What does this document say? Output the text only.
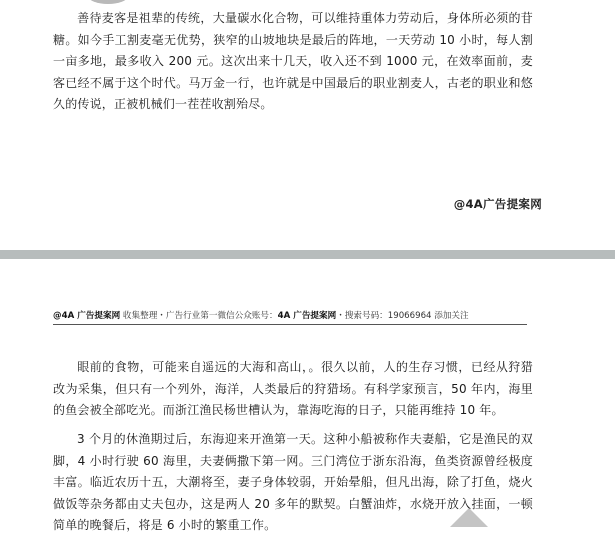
善待麦客是祖辈的传统，大量碳水化合物，可以维持重体力劳动后，身体所必须的苷糖。如今手工割麦毫无优势，狭窄的山坡地块是最后的阵地，一天劳动 10 小时，每人割一亩多地，最多收入 200 元。这次出来十几天，收入还不到 1000 元，在效率面前，麦客已经不属于这个时代。马万金一行，也许就是中国最后的职业割麦人，古老的职业和悠久的传说，正被机械们一茬茬收割殆尽。

@4A广告提案网
@4A 广告提案网 收集整理・广告行业第一微信公众账号：4A 广告提案网・搜索号码：19066964 添加关注

眼前的食物，可能来自遥远的大海和高山，。很久以前，人的生存习惯，已经从狩猎改为采集，但只有一个列外，海洋，人类最后的狩猎场。有科学家预言，50 年内，海里的鱼会被全部吃光。而浙江渔民杨世槽认为，靠海吃海的日子，只能再维持 10 年。

3 个月的休渔期过后，东海迎来开渔第一天。这种小船被称作夫妻船，它是渔民的双脚，4 小时行驶 60 海里，夫妻俩撒下第一网。三门湾位于浙东沿海，鱼类资源曾经极度丰富。临近农历十五，大潮将至，妻子身体较弱，开始晕船，但凡出海，除了打鱼，烧火做饭等杂务都由丈夫包办，这是两人 20 多年的默契。白蟹油炸，水烧开放入挂面，一顿简单的晚餐后，将是 6 小时的繁重工作。
